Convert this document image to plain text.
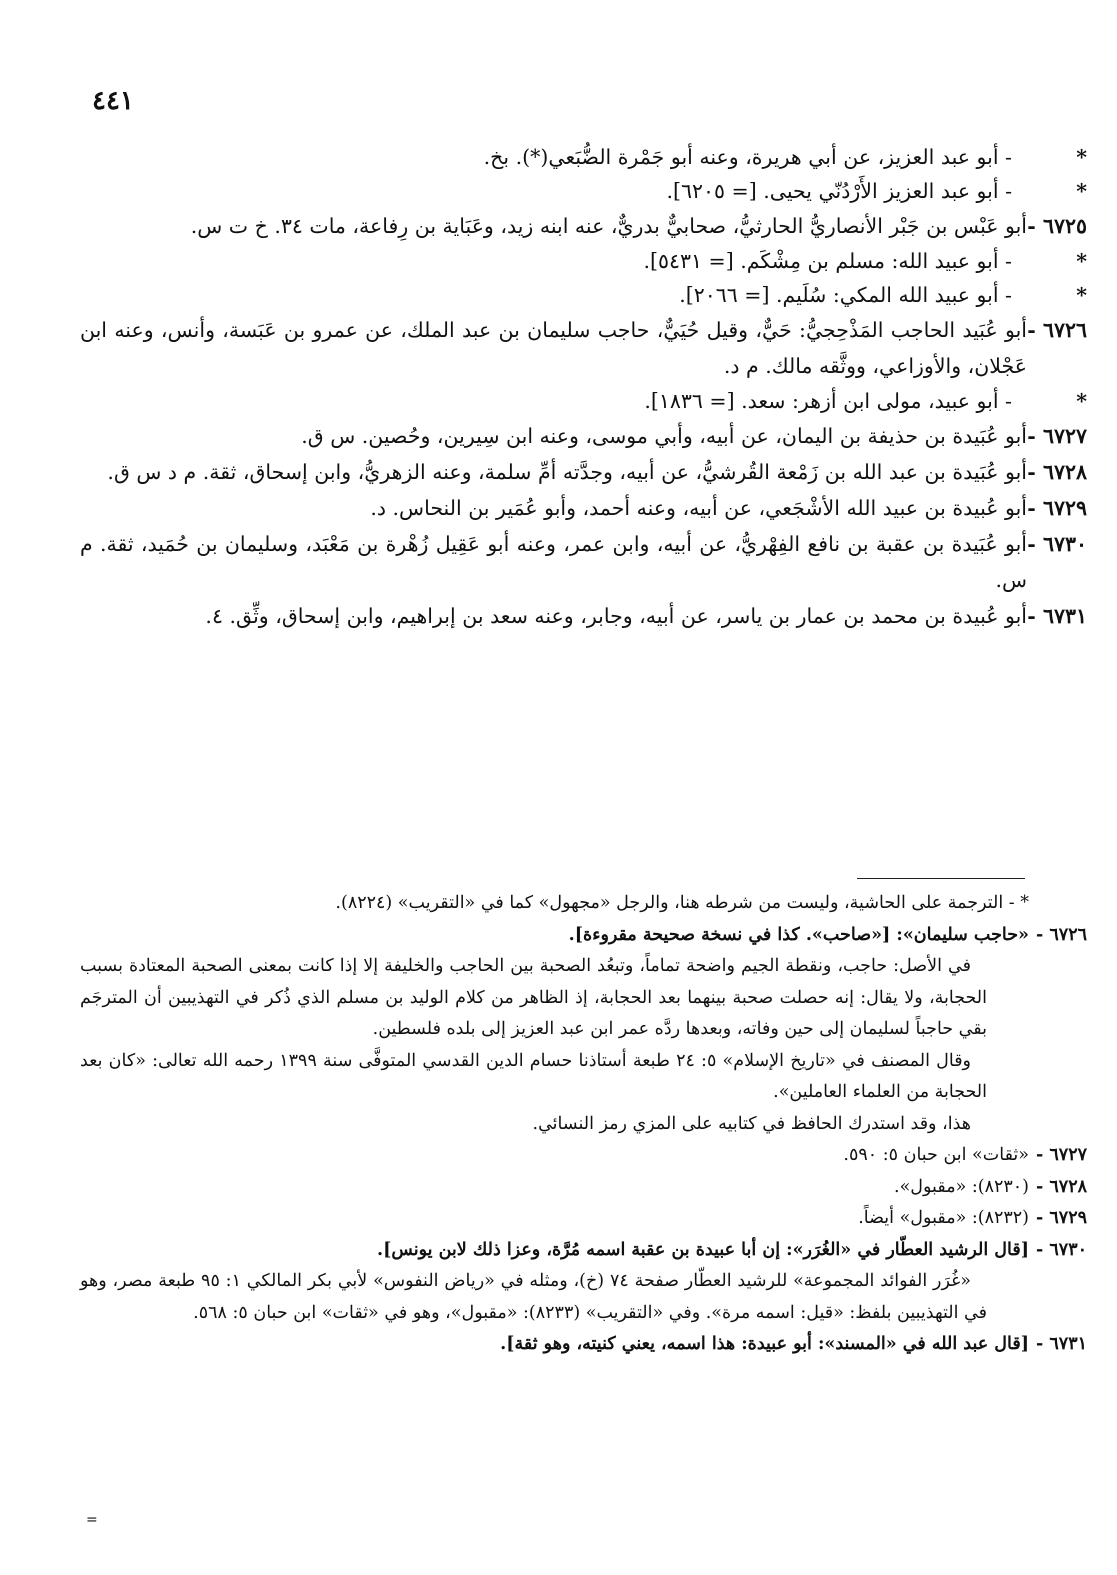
٤٤١
*
- أبو عبد العزيز، عن أبي هريرة، وعنه أبو جَمْرة الضُّبَعي(*). بخ.
*
- أبو عبد العزيز الأَرْدُنّي يحيى. [= ٦٢٠٥].
٦٧٢٥ -
أبو عَبْس بن جَبْر الأنصاريُّ الحارثيُّ، صحابيٌّ بدريٌّ، عنه ابنه زيد، وعَبَاية بن رِفاعة، مات ٣٤. خ ت س.
*
- أبو عبيد الله: مسلم بن مِشْكَم. [= ٥٤٣١].
*
- أبو عبيد الله المكي: سُلَيم. [= ٢٠٦٦].
٦٧٢٦ -
أبو عُبَيد الحاجب المَذْحِجيُّ: حَيٌّ، وقيل حُيَيٌّ، حاجب سليمان بن عبد الملك، عن عمرو بن عَبَسة، وأنس، وعنه ابن عَجْلان، والأوزاعي، ووثَّقه مالك. م د.
*
- أبو عبيد، مولى ابن أزهر: سعد. [= ١٨٣٦].
٦٧٢٧ -
أبو عُبَيدة بن حذيفة بن اليمان، عن أبيه، وأبي موسى، وعنه ابن سِيرين، وحُصين. س ق.
٦٧٢٨ -
أبو عُبَيدة بن عبد الله بن زَمْعة القُرشيُّ، عن أبيه، وجدَّته أمِّ سلمة، وعنه الزهريُّ، وابن إسحاق، ثقة. م د س ق.
٦٧٢٩ -
أبو عُبيدة بن عبيد الله الأشْجَعي، عن أبيه، وعنه أحمد، وأبو عُمَير بن النحاس. د.
٦٧٣٠ -
أبو عُبَيدة بن عقبة بن نافع الفِهْريُّ، عن أبيه، وابن عمر، وعنه أبو عَقِيل زُهْرة بن مَعْبَد، وسليمان بن حُمَيد، ثقة. م س.
٦٧٣١ -
أبو عُبيدة بن محمد بن عمار بن ياسر، عن أبيه، وجابر، وعنه سعد بن إبراهيم، وابن إسحاق، وثِّق. ٤.
* - الترجمة على الحاشية، وليست من شرطه هنا، والرجل «مجهول» كما في «التقريب» (٨٢٢٤).
٦٧٢٦ -
«حاجب سليمان»: [«صاحب». كذا في نسخة صحيحة مقروءة].
في الأصل: حاجب، ونقطة الجيم واضحة تماماً، وتبعُد الصحبة بين الحاجب والخليفة إلا إذا كانت بمعنى الصحبة المعتادة بسبب الحجابة، ولا يقال: إنه حصلت صحبة بينهما بعد الحجابة، إذ الظاهر من كلام الوليد بن مسلم الذي ذُكر في التهذيبين أن المترجَم بقي حاجباً لسليمان إلى حين وفاته، وبعدها ردَّه عمر ابن عبد العزيز إلى بلده فلسطين.
وقال المصنف في «تاريخ الإسلام» ٥: ٢٤ طبعة أستاذنا حسام الدين القدسي المتوفَّى سنة ١٣٩٩ رحمه الله تعالى: «كان بعد الحجابة من العلماء العاملين».
هذا، وقد استدرك الحافظ في كتابيه على المزي رمز النسائي.
٦٧٢٧ -
«ثقات» ابن حبان ٥: ٥٩٠.
٦٧٢٨ -
(٨٢٣٠): «مقبول».
٦٧٢٩ -
(٨٢٣٢): «مقبول» أيضاً.
٦٧٣٠ -
[قال الرشيد العطّار في «الغُرَر»: إن أبا عبيدة بن عقبة اسمه مُرَّة، وعزا ذلك لابن يونس].
«غُرَر الفوائد المجموعة» للرشيد العطّار صفحة ٧٤ (خ)، ومثله في «رياض النفوس» لأبي بكر المالكي ١: ٩٥ طبعة مصر، وهو في التهذيبين بلفظ: «قيل: اسمه مرة». وفي «التقريب» (٨٢٣٣): «مقبول»، وهو في «ثقات» ابن حبان ٥: ٥٦٨.
٦٧٣١ -
[قال عبد الله في «المسند»: أبو عبيدة: هذا اسمه، يعني كنيته، وهو ثقة].
=
